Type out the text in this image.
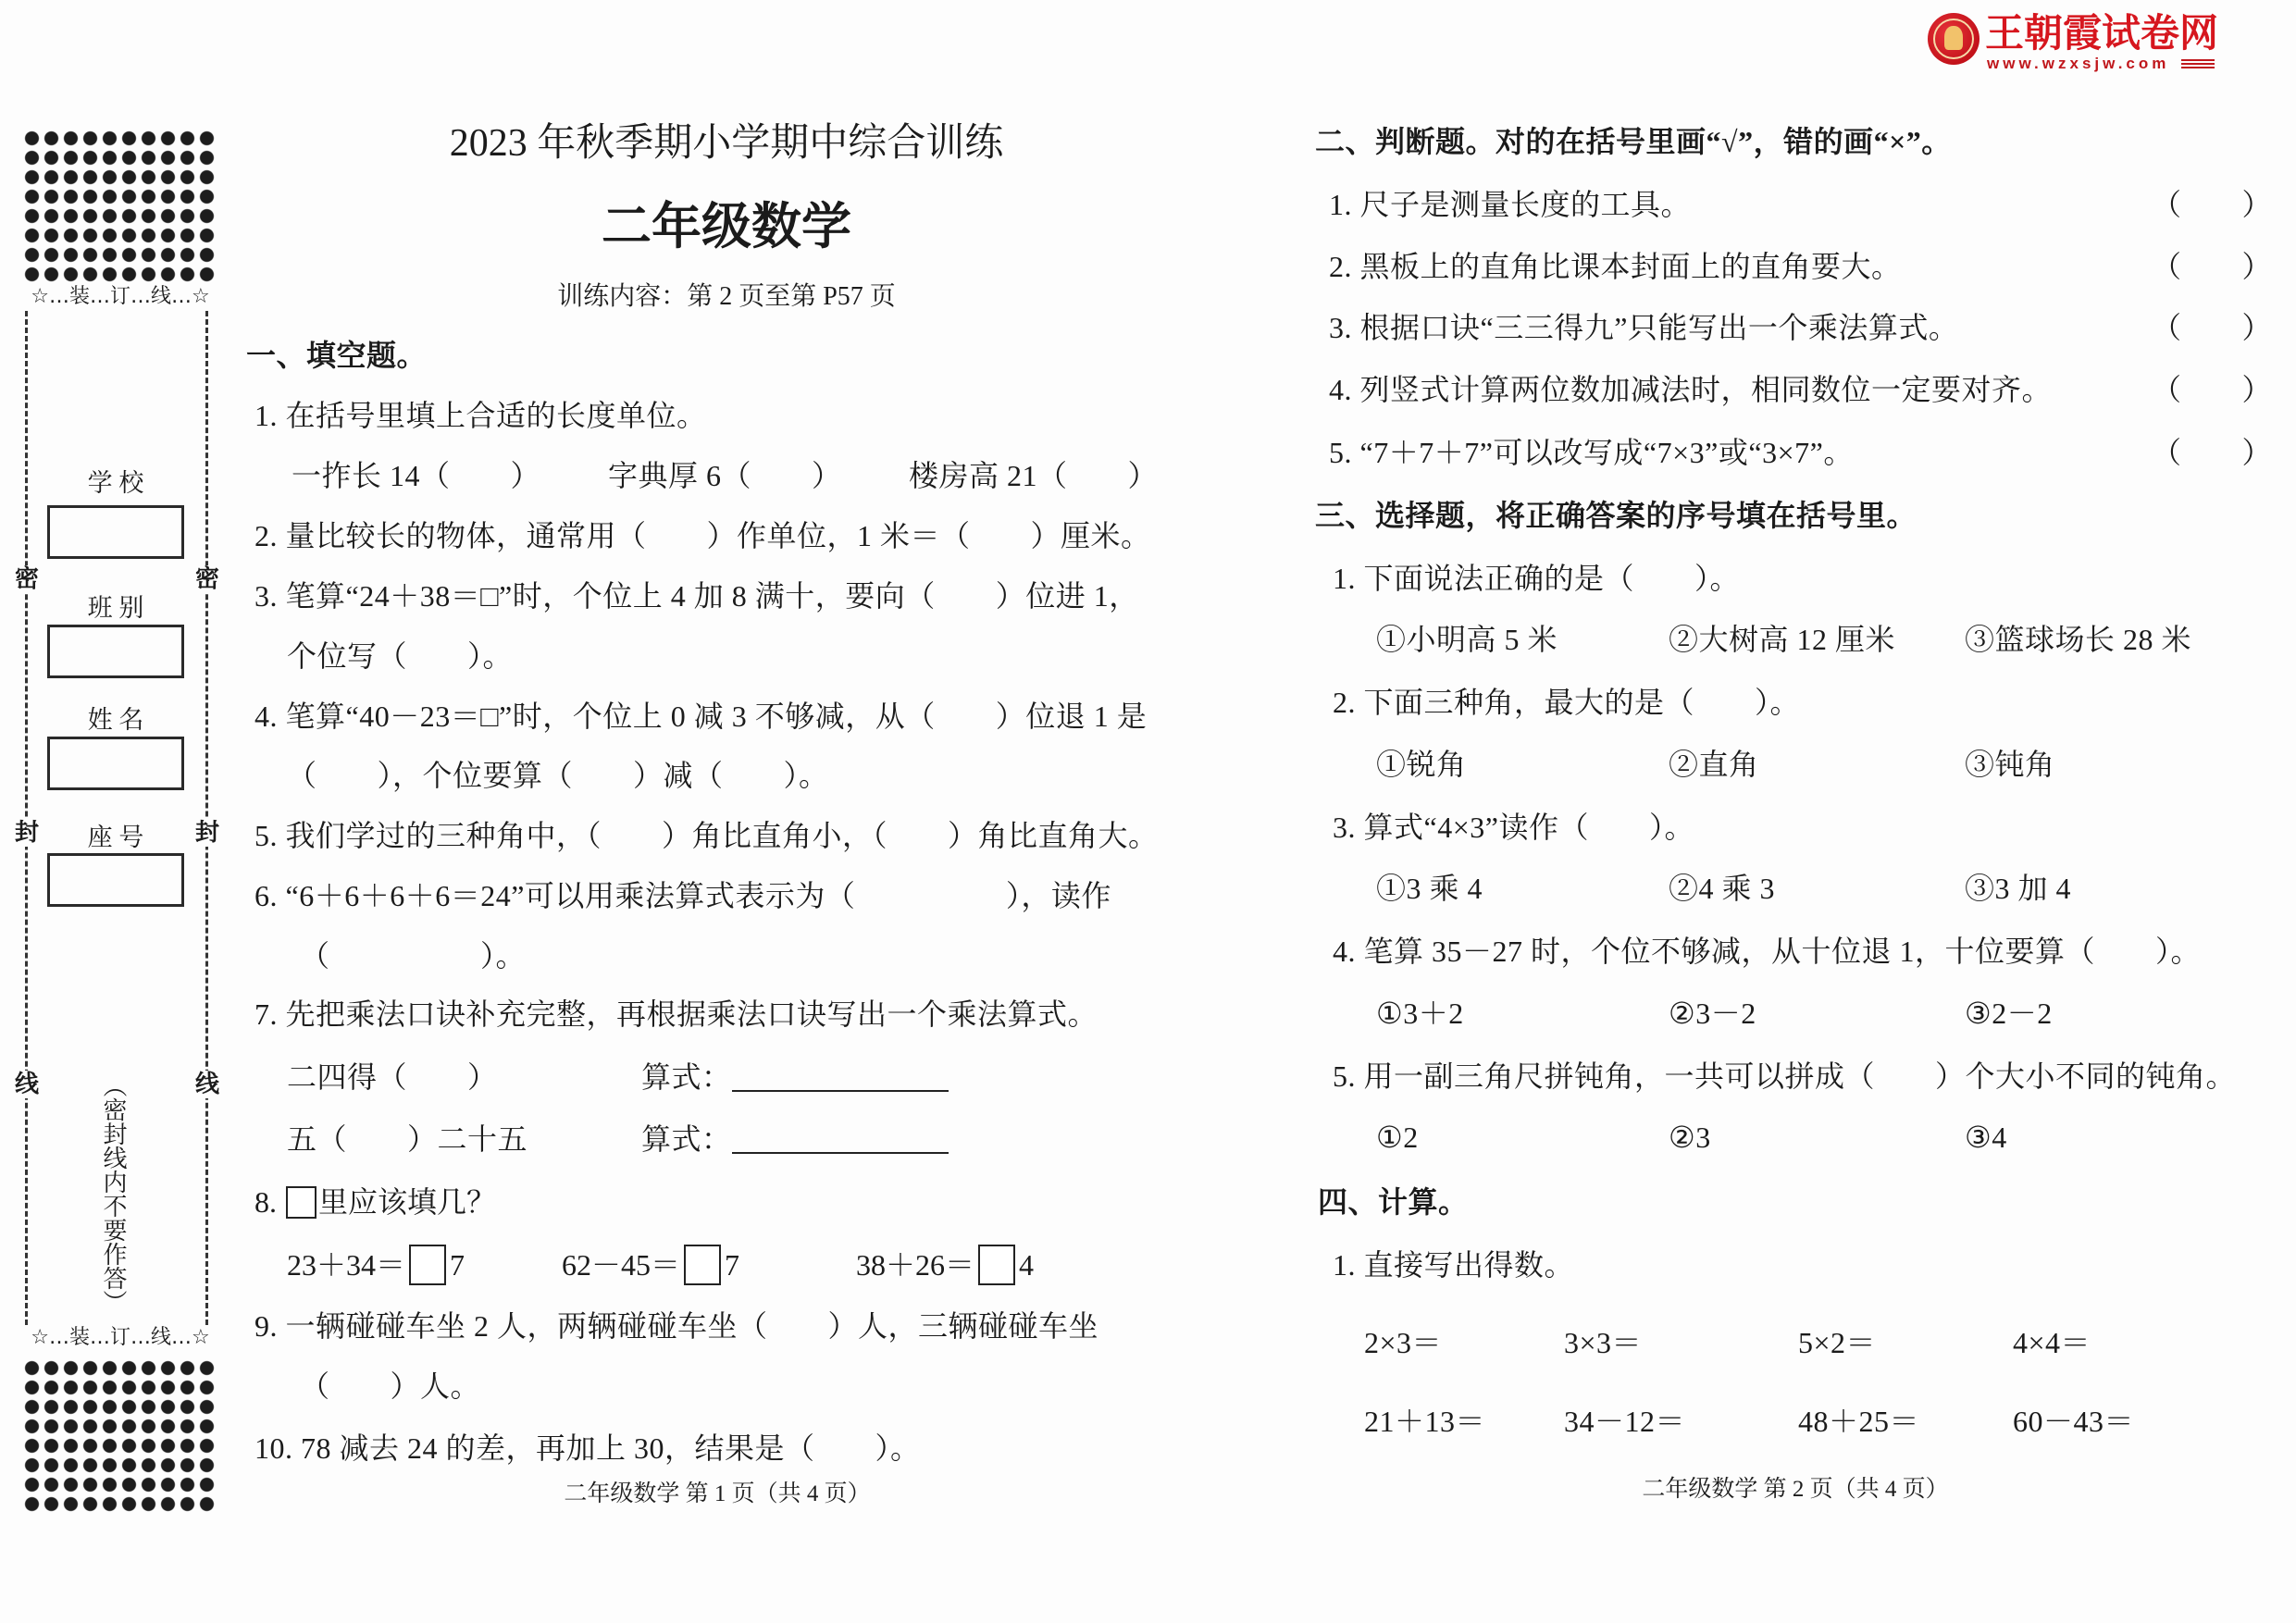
王朝霞试卷网
www.wzxsjw.com
☆…装…订…线…☆
密
封
线
密
封
线
学 校
班 别
姓 名
座 号
（密封线内不要作答）
☆…装…订…线…☆
2023 年秋季期小学期中综合训练
二年级数学
训练内容：第 2 页至第 P57 页
一、填空题。
1. 在括号里填上合适的长度单位。
一拃长 14（　　） 字典厚 6（　　） 楼房高 21（　　）
2. 量比较长的物体，通常用（　　）作单位，1 米＝（　　）厘米。
3. 笔算“24＋38＝□”时，个位上 4 加 8 满十，要向（　　）位进 1，
个位写（　　）。
4. 笔算“40－23＝□”时，个位上 0 减 3 不够减，从（　　）位退 1 是
（　　），个位要算（　　）减（　　）。
5. 我们学过的三种角中，（　　）角比直角小，（　　）角比直角大。
6. “6＋6＋6＋6＝24”可以用乘法算式表示为（　　　　　），读作
（　　　　　）。
7. 先把乘法口诀补充完整，再根据乘法口诀写出一个乘法算式。
二四得（　　）	算式：
五（　　）二十五	算式：
8. 里应该填几？
23＋34＝ 7	62－45＝ 7	38＋26＝ 4
9. 一辆碰碰车坐 2 人，两辆碰碰车坐（　　）人，三辆碰碰车坐
（　　）人。
10. 78 减去 24 的差，再加上 30，结果是（　　）。
二年级数学 第 1 页（共 4 页）
二、判断题。对的在括号里画“√”，错的画“×”。
1. 尺子是测量长度的工具。	（　　）
2. 黑板上的直角比课本封面上的直角要大。	（　　）
3. 根据口诀“三三得九”只能写出一个乘法算式。	（　　）
4. 列竖式计算两位数加减法时，相同数位一定要对齐。	（　　）
5. “7＋7＋7”可以改写成“7×3”或“3×7”。	（　　）
三、选择题，将正确答案的序号填在括号里。
1. 下面说法正确的是（　　）。
①小明高 5 米	②大树高 12 厘米 ③篮球场长 28 米
2. 下面三种角，最大的是（　　）。
①锐角	②直角	③钝角
3. 算式“4×3”读作（　　）。
①3 乘 4	②4 乘 3	③3 加 4
4. 笔算 35－27 时，个位不够减，从十位退 1，十位要算（　　）。
①3＋2	②3－2	③2－2
5. 用一副三角尺拼钝角，一共可以拼成（　　）个大小不同的钝角。
①2	②3	③4
四、计算。
1. 直接写出得数。
2×3＝	3×3＝	5×2＝	4×4＝
21＋13＝	34－12＝	48＋25＝	60－43＝
二年级数学 第 2 页（共 4 页）
